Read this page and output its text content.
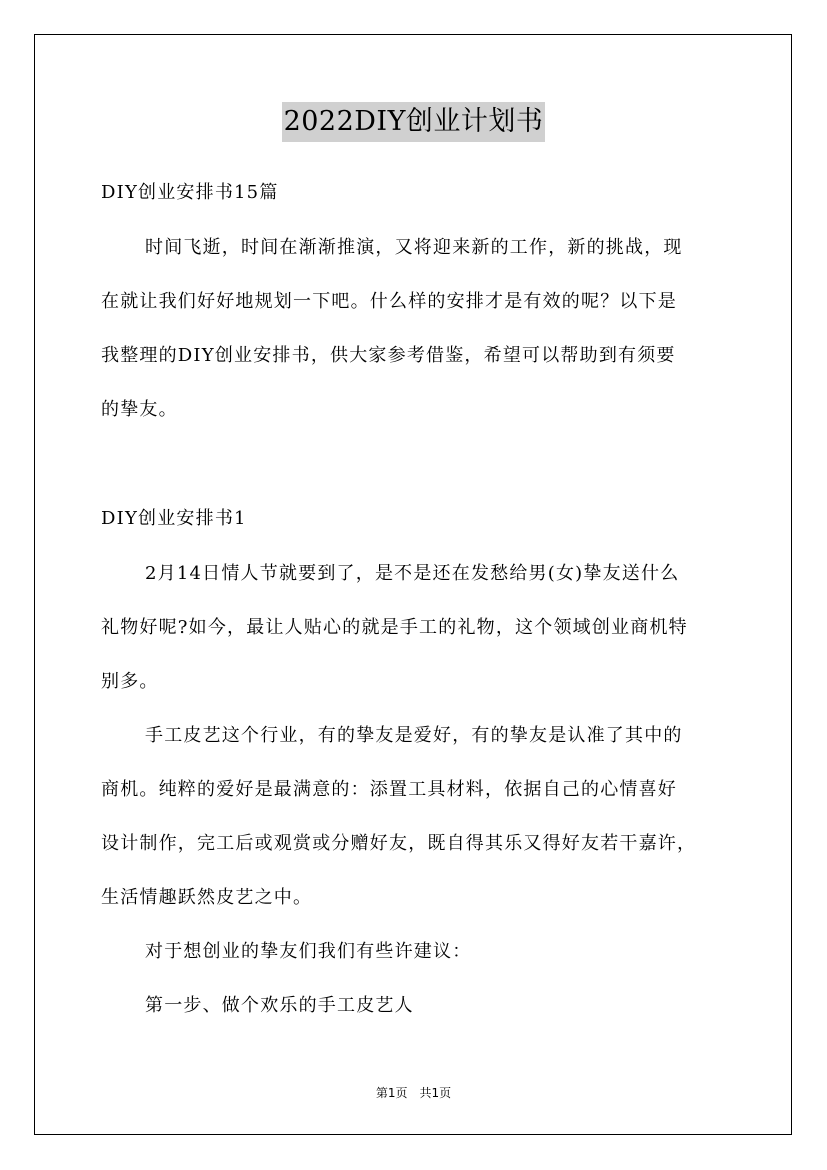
2022DIY创业计划书
DIY创业安排书15篇
时间飞逝，时间在渐渐推演，又将迎来新的工作，新的挑战，现
在就让我们好好地规划一下吧。什么样的安排才是有效的呢？以下是
我整理的DIY创业安排书，供大家参考借鉴，希望可以帮助到有须要
的挚友。
DIY创业安排书1
2月14日情人节就要到了，是不是还在发愁给男(女)挚友送什么
礼物好呢?如今，最让人贴心的就是手工的礼物，这个领域创业商机特
别多。
手工皮艺这个行业，有的挚友是爱好，有的挚友是认准了其中的
商机。纯粹的爱好是最满意的：添置工具材料，依据自己的心情喜好
设计制作，完工后或观赏或分赠好友，既自得其乐又得好友若干嘉许，
生活情趣跃然皮艺之中。
对于想创业的挚友们我们有些许建议：
第一步、做个欢乐的手工皮艺人
第1页 共1页
